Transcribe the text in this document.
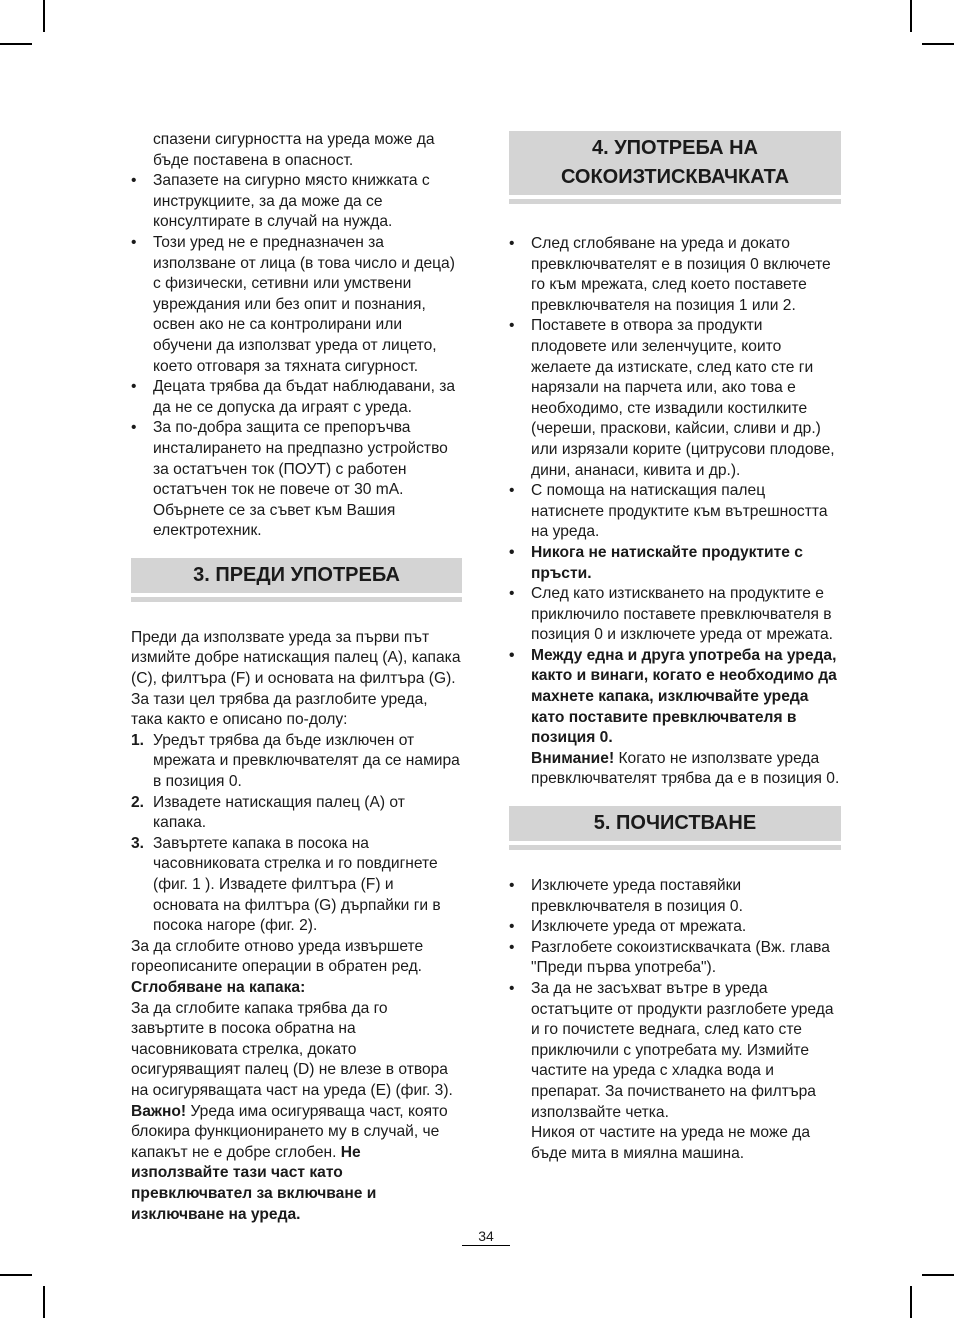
спазени сигурността на уреда може да бъде поставена в опасност.

• Запазете на сигурно място книжката с инструкциите, за да може да се консултирате в случай на нужда.
• Този уред не е предназначен за използване от лица (в това число и деца) с физически, сетивни или умствени увреждания или без опит и познания, освен ако не са контролирани или обучени да използват уреда от лицето, което отговаря за тяхната сигурност.
• Децата трябва да бъдат наблюдавани, за да не се допуска да играят с уреда.
• За по-добра защита се препоръчва инсталирането на предпазно устройство за остатъчен ток (ПОУТ) с работен остатъчен ток не повече от 30 mA. Обърнете се за съвет към Вашия електротехник.
3. ПРЕДИ УПОТРЕБА

Преди да използвате уреда за първи път измийте добре натискащия палец (A), капака (C), филтъра (F) и основата на филтъра (G). За тази цел трябва да разглобите уреда, така както е описано по-долу:

1. Уредът трябва да бъде изключен от мрежата и превключвателят да се намира в позиция 0.
2. Извадете натискащия палец (A) от капака.
3. Завъртете капака в посока на часовниковата стрелка и го повдигнете (фиг. 1 ). Извадете филтъра (F) и основата на филтъра (G) дърпайки ги в посока нагоре (фиг. 2).

За да сглобите отново уреда извършете гореописаните операции в обратен ред.

Сглобяване на капака:

За да сглобите капака трябва да го завъртите в посока обратна на часовниковата стрелка, докато осигуряващият палец (D) не влезе в отвора на осигуряващата част на уреда (E) (фиг. 3).

Важно! Уреда има осигуряваща част, която блокира функционирането му в случай, че капакът не е добре сглобен. Не използвайте тази част като превключвател за включване и изключване на уреда.

4. УПОТРЕБА НА
СОКОИЗТИСКВАЧКАТА
• След сглобяване на уреда и докато превключвателят е в позиция 0 включете го към мрежата, след което поставете превключвателя на позиция 1 или 2.
• Поставете в отвора за продукти плодовете или зеленчуците, които желаете да изтискате, след като сте ги нарязали на парчета или, ако това е необходимо, сте извадили костилките (череши, праскови, кайсии, сливи и др.) или изрязали корите (цитрусови плодове, дини, ананаси, кивита и др.).
• С помоща на натискащия палец натиснете продуктите към вътрешността на уреда.
• Никога не натискайте продуктите с пръсти.
• След като изтискването на продуктите е приключило поставете превключвателя в позиция 0 и изключете уреда от мрежата.
• Между една и друга употреба на уреда, както и винаги, когато е необходимо да махнете капака, изключвайте уреда като поставите превключвателя в позиция 0.

Внимание! Когато не използвате уреда превключвателят трябва да е в позиция 0.

5. ПОЧИСТВАНЕ
• Изключете уреда поставяйки превключвателя в позиция 0.
• Изключете уреда от мрежата.
• Разглобете сокоизтисквачката (Вж. глава "Преди първа употреба").
• За да не засъхват вътре в уреда остатъците от продукти разглобете уреда и го почистете веднага, след като сте приключили с употребата му. Измийте частите на уреда с хладка вода и препарат. За почистването на филтъра използвайте четка.

Никоя от частите на уреда не може да бъде мита в миялна машина.

34
